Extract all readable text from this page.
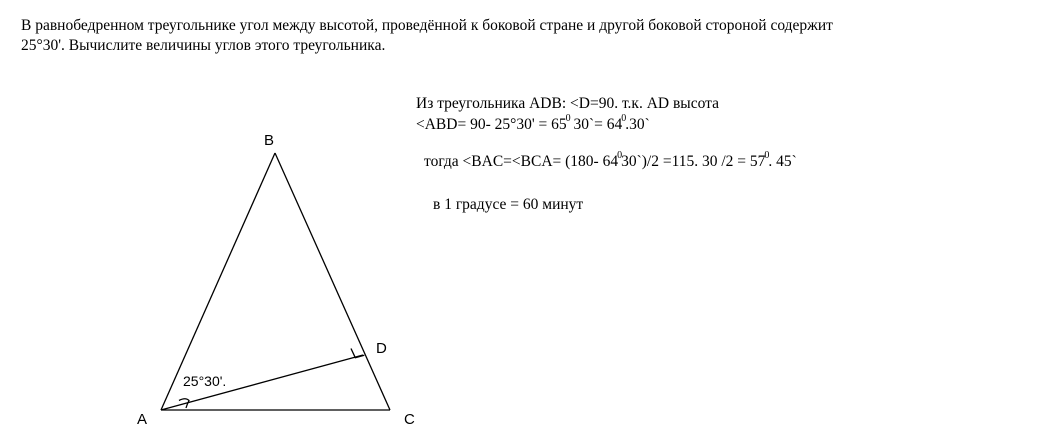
В равнобедренном треугольнике угол между высотой, проведённой к боковой стране и другой боковой стороной содержит
25°30'. Вычислите величины углов этого треугольника.
Из треугольника ADB: <D=90. т.к. AD высота
<ABD= 90- $25^\circ 30' = 65^0$ 30`= $64^0.30`$
тогда <BAC=<BCA= (180- $64^030`)/2 =115$. 30 $/2 = 57^0$. 45`
в 1 градусе = 60 минут
B
A	C
D
25°30'.
